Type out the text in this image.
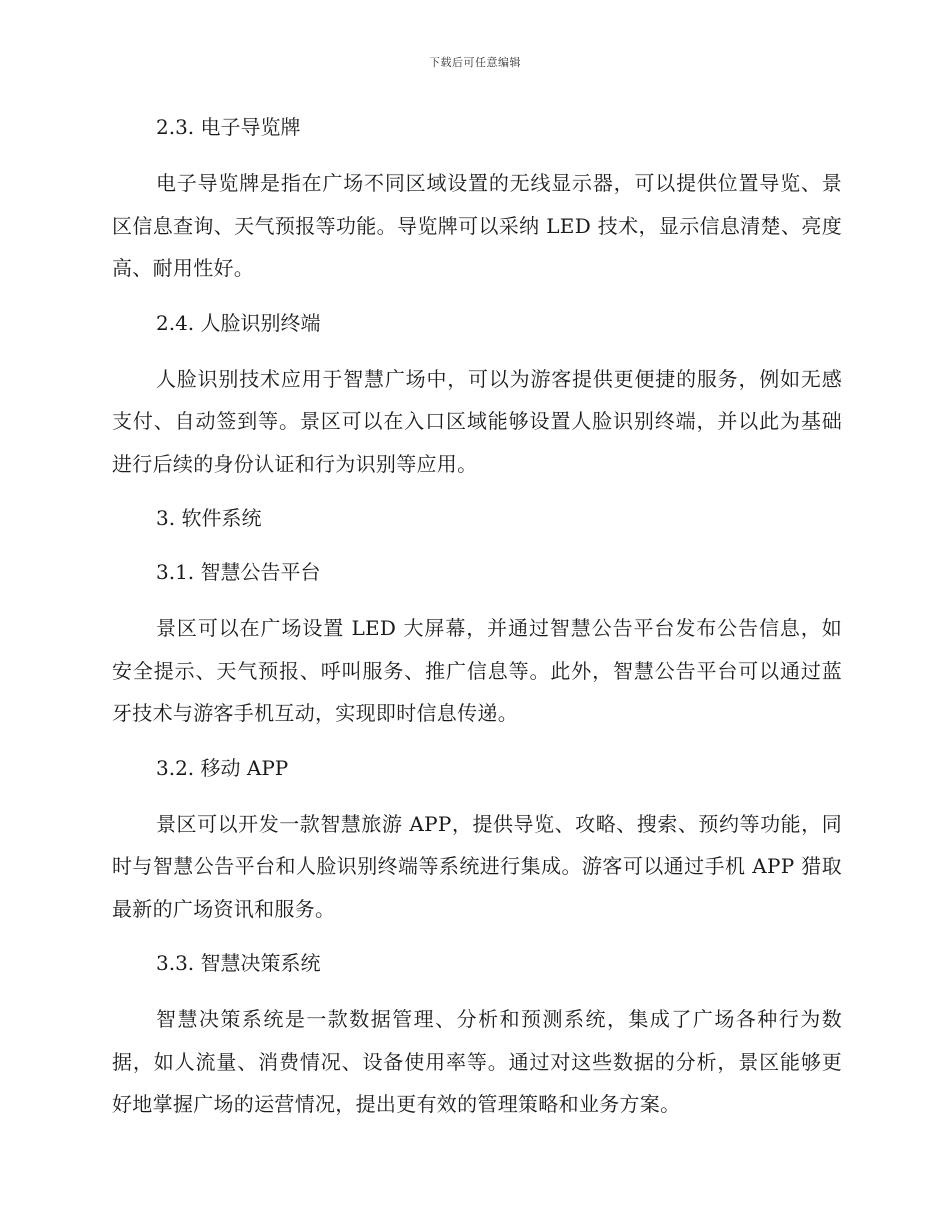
下载后可任意编辑
2.3. 电子导览牌

电子导览牌是指在广场不同区域设置的无线显示器，可以提供位置导览、景区信息查询、天气预报等功能。导览牌可以采纳 LED 技术，显示信息清楚、亮度高、耐用性好。

2.4. 人脸识别终端

人脸识别技术应用于智慧广场中，可以为游客提供更便捷的服务，例如无感支付、自动签到等。景区可以在入口区域能够设置人脸识别终端，并以此为基础进行后续的身份认证和行为识别等应用。

3. 软件系统
3.1. 智慧公告平台

景区可以在广场设置 LED 大屏幕，并通过智慧公告平台发布公告信息，如安全提示、天气预报、呼叫服务、推广信息等。此外，智慧公告平台可以通过蓝牙技术与游客手机互动，实现即时信息传递。

3.2. 移动 APP

景区可以开发一款智慧旅游 APP，提供导览、攻略、搜索、预约等功能，同时与智慧公告平台和人脸识别终端等系统进行集成。游客可以通过手机 APP 猎取最新的广场资讯和服务。

3.3. 智慧决策系统

智慧决策系统是一款数据管理、分析和预测系统，集成了广场各种行为数据，如人流量、消费情况、设备使用率等。通过对这些数据的分析，景区能够更好地掌握广场的运营情况，提出更有效的管理策略和业务方案。
